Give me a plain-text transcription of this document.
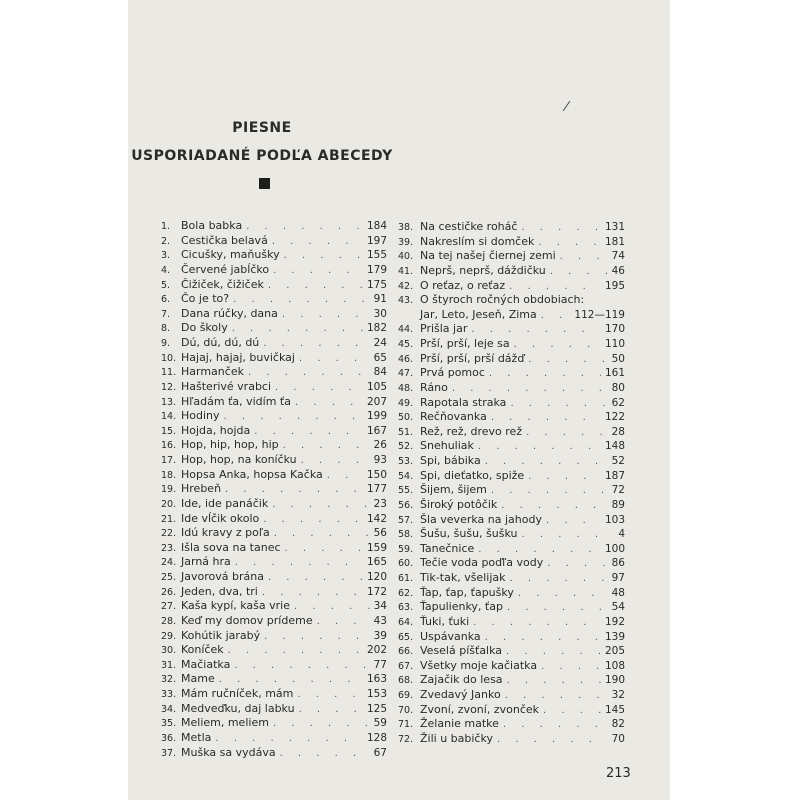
PIESNE
USPORIADANÉ PODĽA ABECEDY
1. Bola babka . . .	184
2. Cestička belavá . . .	197
3. Cicušky, maňušky . . .	155
4. Červené jabĺčko . . .	179
5. Čižiček, čižiček . . .	175
6. Čo je to? . . .	91
7. Dana rúčky, dana . . .	30
8. Do školy . . .	182
9. Dú, dú, dú, dú . . .	24
10. Hajaj, hajaj, buvičkaj . . .	65
11. Harmanček . . .	84
12. Hašterivé vrabci . . .	105
13. Hľadám ťa, vidím ťa . . .	207
14. Hodiny . . .	199
15. Hojda, hojda . . .	167
16. Hop, hip, hop, hip . . .	26
17. Hop, hop, na koníčku . . .	93
18. Hopsa Anka, hopsa Kačka . . .	150
19. Hrebeň . . .	177
20. Ide, ide panáčik . . .	23
21. Ide vĺčik okolo . . .	142
22. Idú kravy z poľa . . .	56
23. Išla sova na tanec . . .	159
24. Jarná hra . . .	165
25. Javorová brána . . .	120
26. Jeden, dva, tri . . .	172
27. Kaša kypí, kaša vrie . . .	34
28. Keď my domov prídeme . . .	43
29. Kohútik jarabý . . .	39
30. Koníček . . .	202
31. Mačiatka . . .	77
32. Mame . . .	163
33. Mám ručníček, mám . . .	153
34. Medveďku, daj labku . . .	125
35. Meliem, meliem . . .	59
36. Metla . . .	128
37. Muška sa vydáva . . .	67
38. Na cestičke roháč . . .	131
39. Nakreslím si domček . . .	181
40. Na tej našej čiernej zemi . . .	74
41. Neprš, neprš, dáždičku . . .	46
42. O reťaz, o reťaz . . .	195
43. O štyroch ročných obdobiach:
Jar, Leto, Jeseň, Zima . . .	112—119
44. Prišla jar . . .	170
45. Prší, prší, leje sa . . .	110
46. Prší, prší, prší dážď . . .	50
47. Prvá pomoc . . .	161
48. Ráno . . .	80
49. Rapotala straka . . .	62
50. Rečňovanka . . .	122
51. Rež, rež, drevo rež . . .	28
52. Snehuliak . . .	148
53. Spi, bábika . . .	52
54. Spi, dieťatko, spiže . . .	187
55. Šijem, šijem . . .	72
56. Široký potôčik . . .	89
57. Šla veverka na jahody . . .	103
58. Šušu, šušu, šušku . . .	4
59. Tanečnice . . .	100
60. Tečie voda poďľa vody . . .	86
61. Tik-tak, všelijak . . .	97
62. Ťap, ťap, ťapušky . . .	48
63. Ťapulienky, ťap . . .	54
64. Ťuki, ťuki . . .	192
65. Uspávanka . . .	139
66. Veselá píšťalka . . .	205
67. Všetky moje kačiatka . . .	108
68. Zajačik do lesa . . .	190
69. Zvedavý Janko . . .	32
70. Zvoní, zvoní, zvonček . . .	145
71. Želanie matke . . .	82
72. Žili u babičky . . .	70
213
